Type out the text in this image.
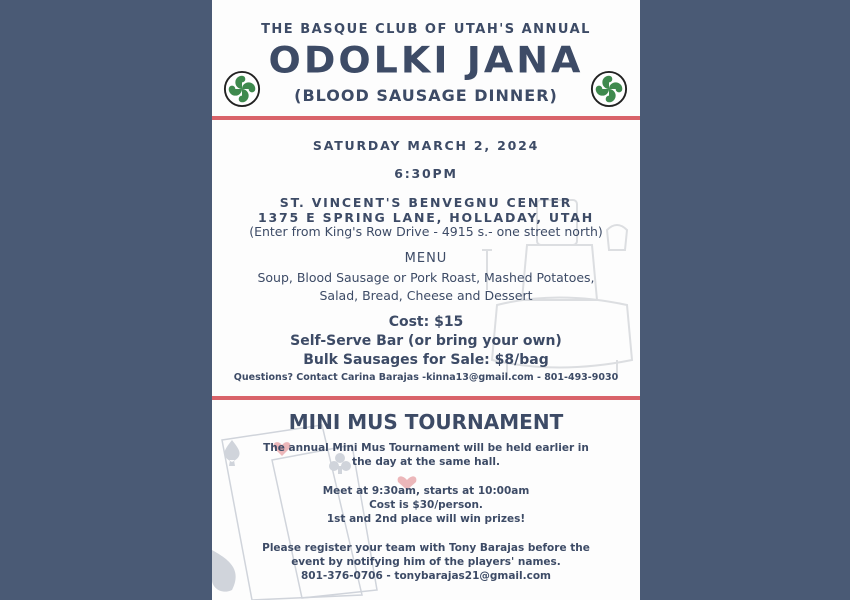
THE BASQUE CLUB OF UTAH'S ANNUAL
ODOLKI JANA
(BLOOD SAUSAGE DINNER)
SATURDAY MARCH 2, 2024
6:30PM
ST. VINCENT'S BENVEGNU CENTER
1375 E SPRING LANE, HOLLADAY, UTAH
(Enter from King's Row Drive - 4915 s.- one street north)
MENU
Soup, Blood Sausage or Pork Roast, Mashed Potatoes,
Salad, Bread, Cheese and Dessert
Cost: $15
Self-Serve Bar (or bring your own)
Bulk Sausages for Sale: $8/bag
Questions? Contact Carina Barajas -kinna13@gmail.com - 801-493-9030
MINI MUS TOURNAMENT
The annual Mini Mus Tournament will be held earlier in
the day at the same hall.
Meet at 9:30am, starts at 10:00am
Cost is $30/person.
1st and 2nd place will win prizes!
Please register your team with Tony Barajas before the
event by notifying him of the players' names.
801-376-0706 - tonybarajas21@gmail.com
